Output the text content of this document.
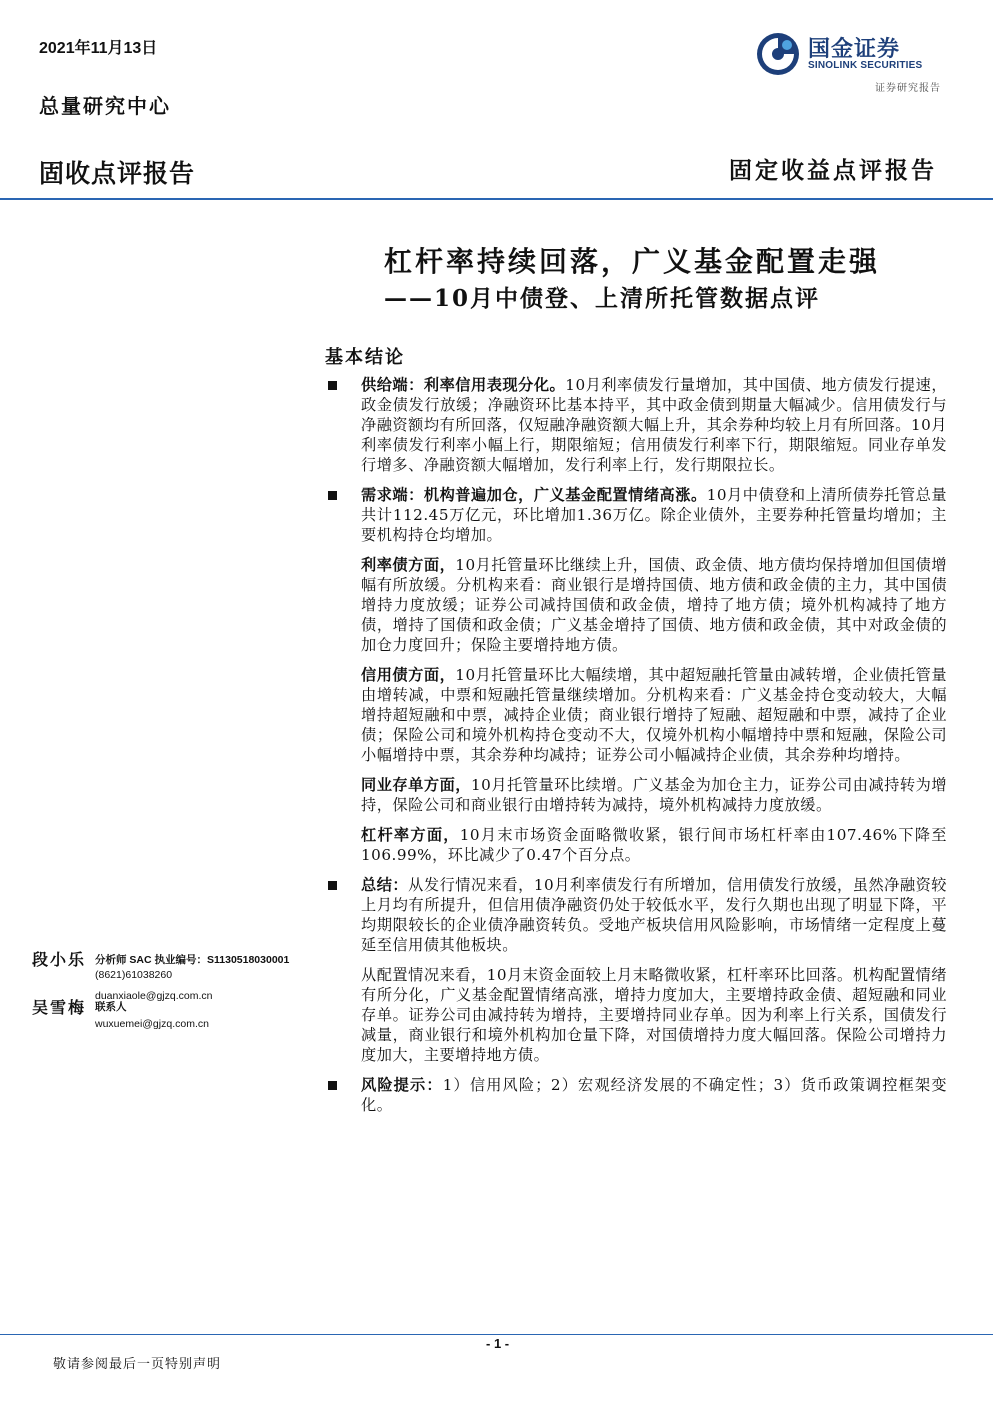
2021年11月13日
总量研究中心
国金证券
SINOLINK SECURITIES
证券研究报告
固收点评报告	固定收益点评报告
杠杆率持续回落，广义基金配置走强
——10月中债登、上清所托管数据点评
基本结论

供给端：利率信用表现分化。10月利率债发行量增加，其中国债、地方债发行提速，政金债发行放缓；净融资环比基本持平，其中政金债到期量大幅减少。信用债发行与净融资额均有所回落，仅短融净融资额大幅上升，其余券种均较上月有所回落。10月利率债发行利率小幅上行，期限缩短；信用债发行利率下行，期限缩短。同业存单发行增多、净融资额大幅增加，发行利率上行，发行期限拉长。

需求端：机构普遍加仓，广义基金配置情绪高涨。10月中债登和上清所债券托管总量共计112.45万亿元，环比增加1.36万亿。除企业债外，主要券种托管量均增加；主要机构持仓均增加。

利率债方面，10月托管量环比继续上升，国债、政金债、地方债均保持增加但国债增幅有所放缓。分机构来看：商业银行是增持国债、地方债和政金债的主力，其中国债增持力度放缓；证券公司减持国债和政金债，增持了地方债；境外机构减持了地方债，增持了国债和政金债；广义基金增持了国债、地方债和政金债，其中对政金债的加仓力度回升；保险主要增持地方债。

信用债方面，10月托管量环比大幅续增，其中超短融托管量由减转增，企业债托管量由增转减，中票和短融托管量继续增加。分机构来看：广义基金持仓变动较大，大幅增持超短融和中票，减持企业债；商业银行增持了短融、超短融和中票，减持了企业债；保险公司和境外机构持仓变动不大，仅境外机构小幅增持中票和短融，保险公司小幅增持中票，其余券种均减持；证券公司小幅减持企业债，其余券种均增持。

同业存单方面，10月托管量环比续增。广义基金为加仓主力，证券公司由减持转为增持，保险公司和商业银行由增持转为减持，境外机构减持力度放缓。

杠杆率方面，10月末市场资金面略微收紧，银行间市场杠杆率由107.46%下降至106.99%，环比减少了0.47个百分点。

总结：从发行情况来看，10月利率债发行有所增加，信用债发行放缓，虽然净融资较上月均有所提升，但信用债净融资仍处于较低水平，发行久期也出现了明显下降，平均期限较长的企业债净融资转负。受地产板块信用风险影响，市场情绪一定程度上蔓延至信用债其他板块。

从配置情况来看，10月末资金面较上月末略微收紧，杠杆率环比回落。机构配置情绪有所分化，广义基金配置情绪高涨，增持力度加大，主要增持政金债、超短融和同业存单。证券公司由减持转为增持，主要增持同业存单。因为利率上行关系，国债发行减量，商业银行和境外机构加仓量下降，对国债增持力度大幅回落。保险公司增持力度加大，主要增持地方债。

风险提示：1）信用风险；2）宏观经济发展的不确定性；3）货币政策调控框架变化。

段小乐 分析师 SAC 执业编号：S1130518030001
(8621)61038260
duanxiaole@gjzq.com.cn
吴雪梅 联系人
wuxuemei@gjzq.com.cn
- 1 -
敬请参阅最后一页特别声明
